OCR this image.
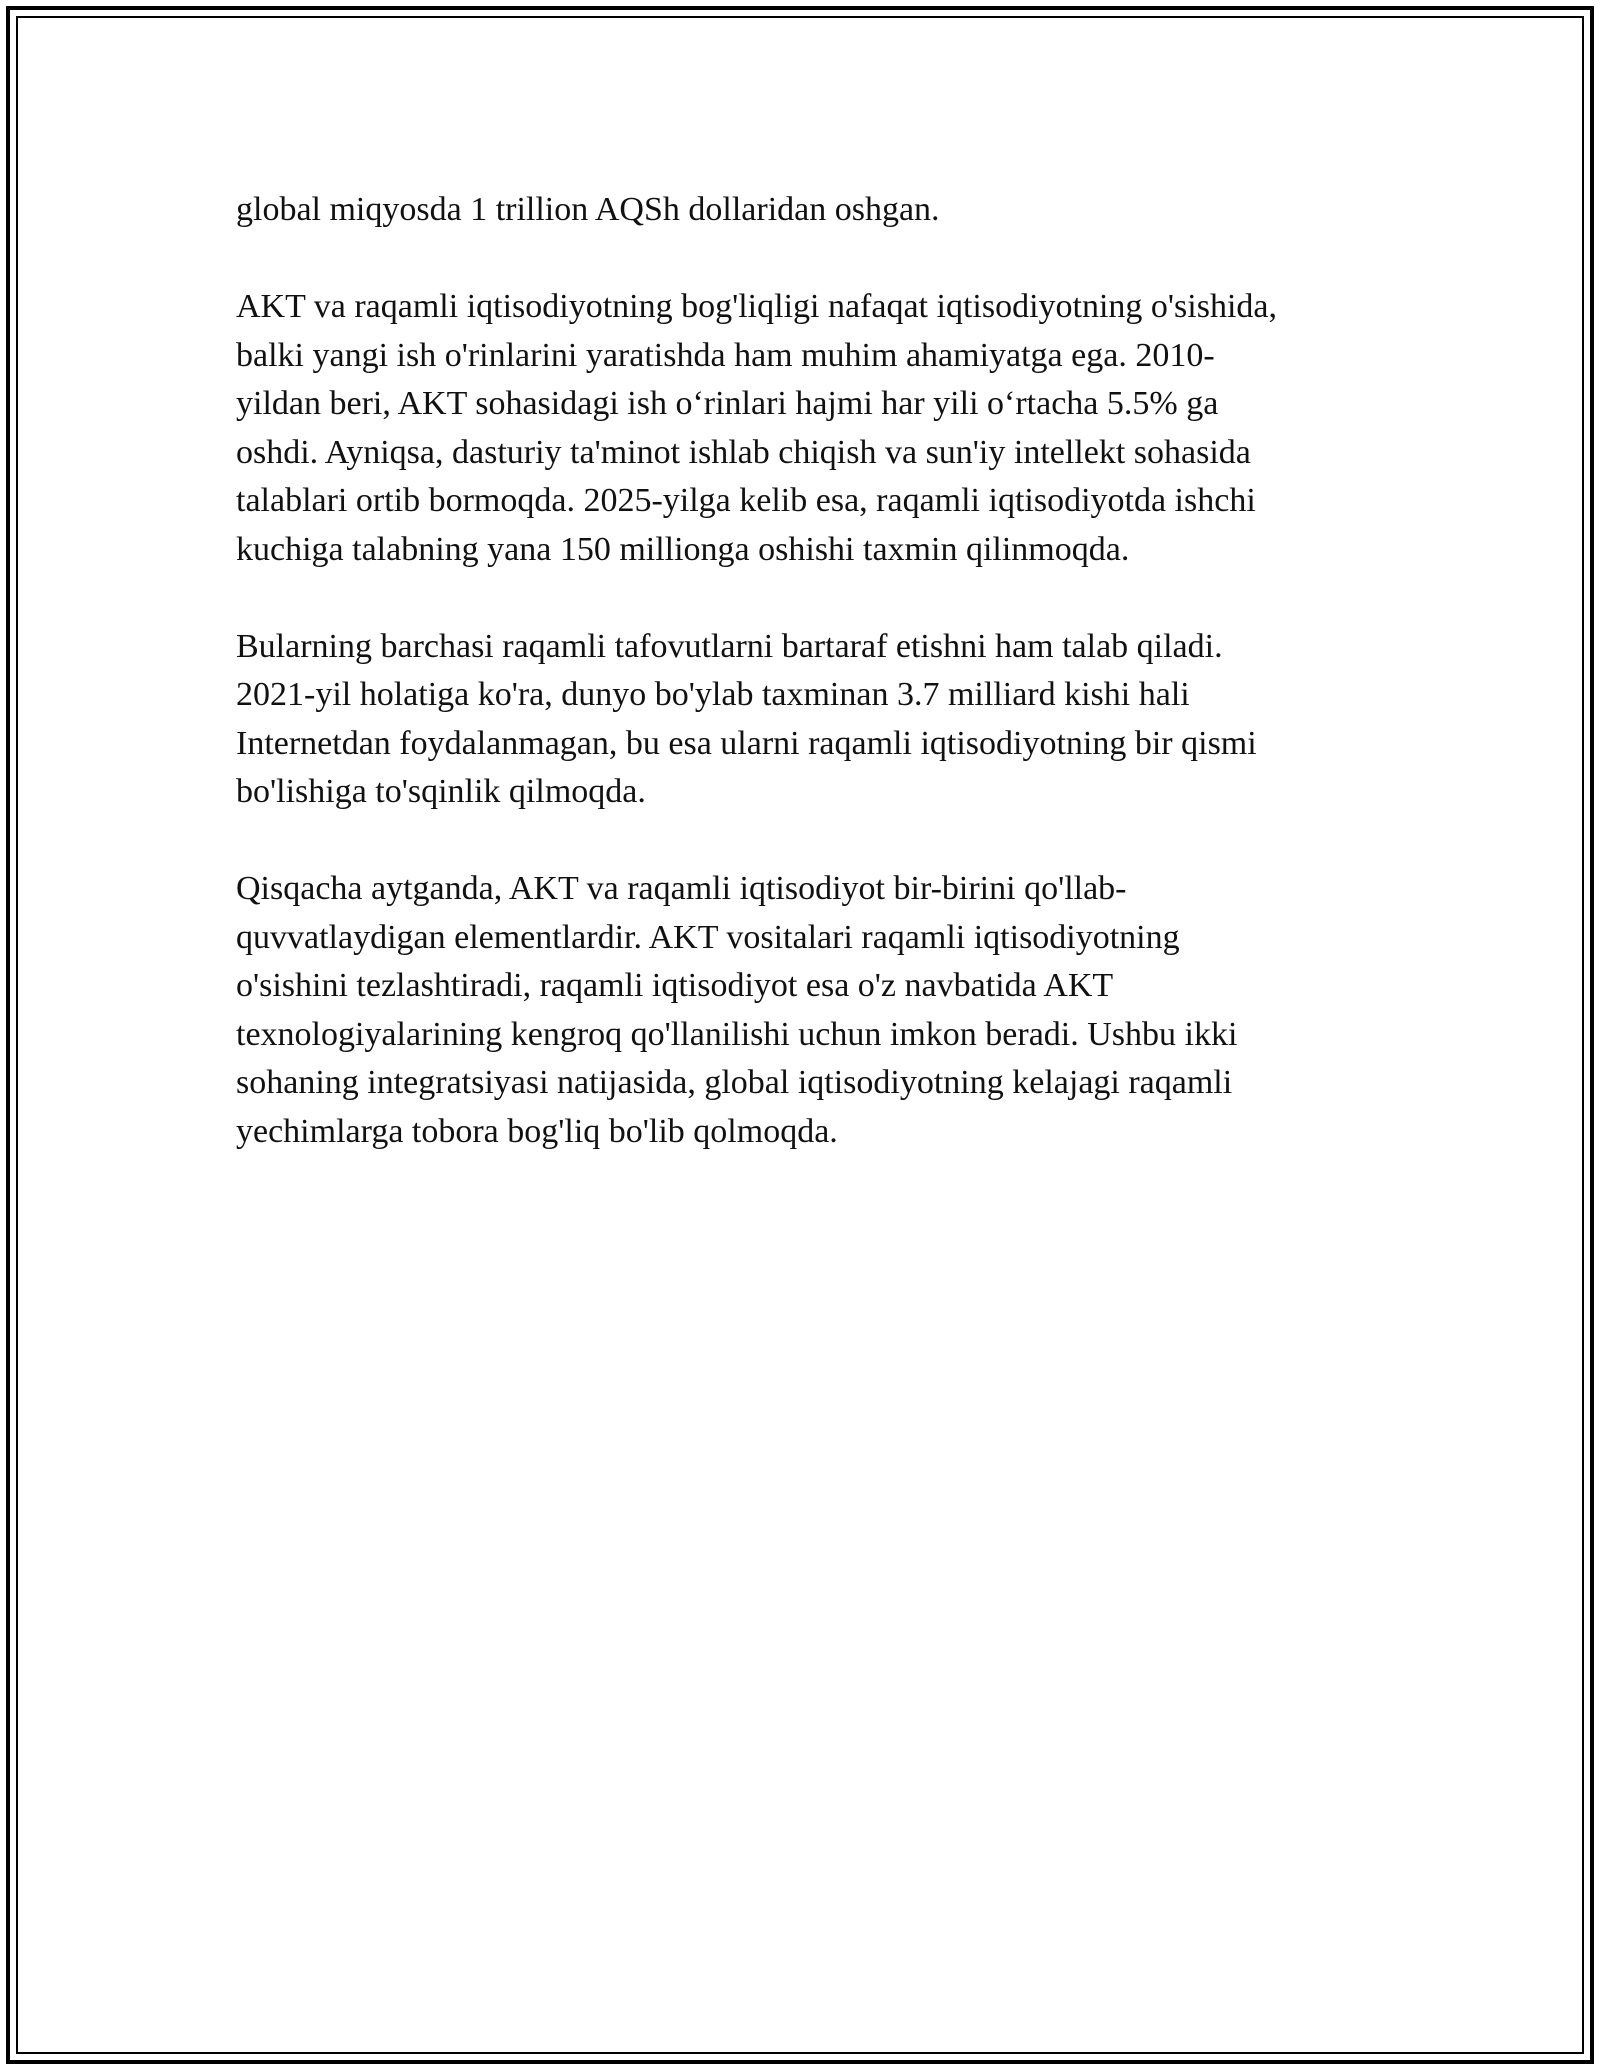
global miqyosda 1 trillion AQSh dollaridan oshgan.

AKT va raqamli iqtisodiyotning bog'liqligi nafaqat iqtisodiyotning o'sishida,
balki yangi ish o'rinlarini yaratishda ham muhim ahamiyatga ega. 2010-
yildan beri, AKT sohasidagi ish o‘rinlari hajmi har yili o‘rtacha 5.5% ga
oshdi. Ayniqsa, dasturiy ta'minot ishlab chiqish va sun'iy intellekt sohasida
talablari ortib bormoqda. 2025-yilga kelib esa, raqamli iqtisodiyotda ishchi
kuchiga talabning yana 150 millionga oshishi taxmin qilinmoqda.

Bularning barchasi raqamli tafovutlarni bartaraf etishni ham talab qiladi.
2021-yil holatiga ko'ra, dunyo bo'ylab taxminan 3.7 milliard kishi hali
Internetdan foydalanmagan, bu esa ularni raqamli iqtisodiyotning bir qismi
bo'lishiga to'sqinlik qilmoqda.

Qisqacha aytganda, AKT va raqamli iqtisodiyot bir-birini qo'llab-
quvvatlaydigan elementlardir. AKT vositalari raqamli iqtisodiyotning
o'sishini tezlashtiradi, raqamli iqtisodiyot esa o'z navbatida AKT
texnologiyalarining kengroq qo'llanilishi uchun imkon beradi. Ushbu ikki
sohaning integratsiyasi natijasida, global iqtisodiyotning kelajagi raqamli
yechimlarga tobora bog'liq bo'lib qolmoqda.
